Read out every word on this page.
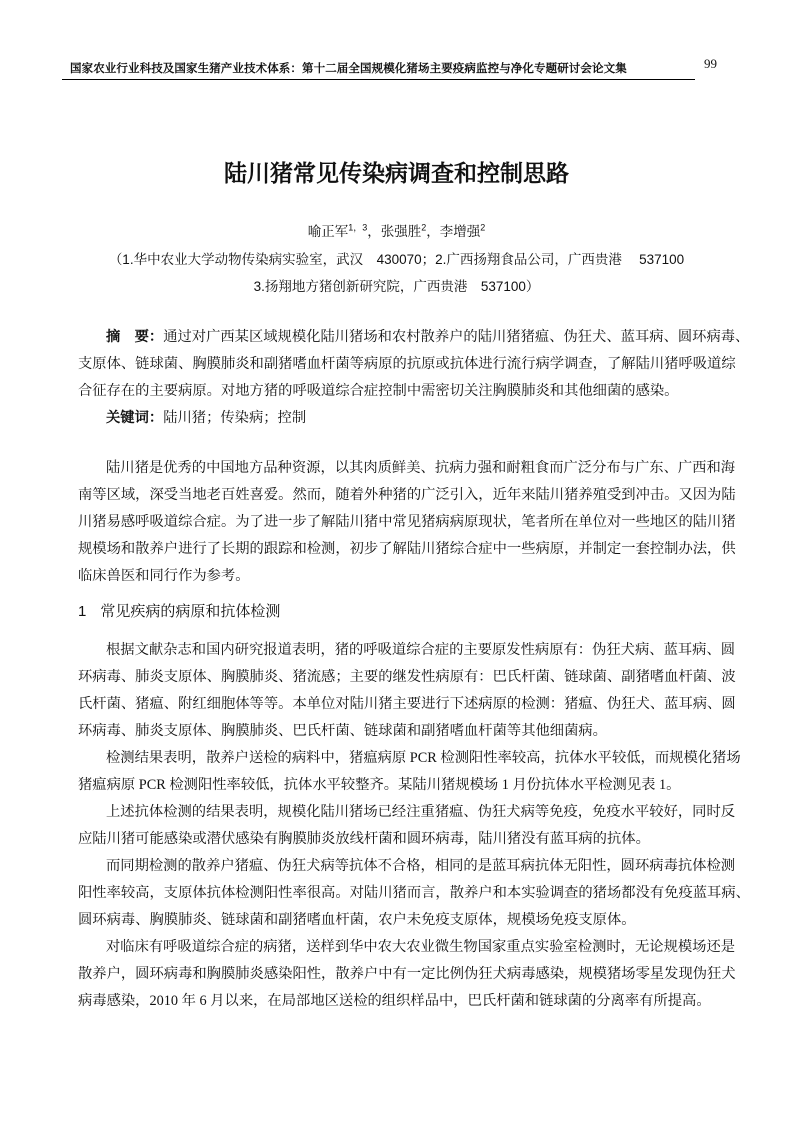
国家农业行业科技及国家生猪产业技术体系：第十二届全国规模化猪场主要疫病监控与净化专题研讨会论文集	99
陆川猪常见传染病调查和控制思路
喻正军$^{1,3}$，张强胜$^2$，李增强$^2$
（1.华中农业大学动物传染病实验室，武汉　430070；2.广西扬翔食品公司，广西贵港　 537100
3.扬翔地方猪创新研究院，广西贵港　537100）
摘　要：通过对广西某区域规模化陆川猪场和农村散养户的陆川猪猪瘟、伪狂犬、蓝耳病、圆环病毒、
支原体、链球菌、胸膜肺炎和副猪嗜血杆菌等病原的抗原或抗体进行流行病学调查，了解陆川猪呼吸道综
合征存在的主要病原。对地方猪的呼吸道综合症控制中需密切关注胸膜肺炎和其他细菌的感染。
关键词：陆川猪；传染病；控制
陆川猪是优秀的中国地方品种资源，以其肉质鲜美、抗病力强和耐粗食而广泛分布与广东、广西和海
南等区域，深受当地老百姓喜爱。然而，随着外种猪的广泛引入，近年来陆川猪养殖受到冲击。又因为陆
川猪易感呼吸道综合症。为了进一步了解陆川猪中常见猪病病原现状，笔者所在单位对一些地区的陆川猪
规模场和散养户进行了长期的跟踪和检测，初步了解陆川猪综合症中一些病原，并制定一套控制办法，供
临床兽医和同行作为参考。
1 常见疾病的病原和抗体检测
根据文献杂志和国内研究报道表明，猪的呼吸道综合症的主要原发性病原有：伪狂犬病、蓝耳病、圆
环病毒、肺炎支原体、胸膜肺炎、猪流感；主要的继发性病原有：巴氏杆菌、链球菌、副猪嗜血杆菌、波
氏杆菌、猪瘟、附红细胞体等等。本单位对陆川猪主要进行下述病原的检测：猪瘟、伪狂犬、蓝耳病、圆
环病毒、肺炎支原体、胸膜肺炎、巴氏杆菌、链球菌和副猪嗜血杆菌等其他细菌病。
检测结果表明，散养户送检的病料中，猪瘟病原 PCR 检测阳性率较高，抗体水平较低，而规模化猪场
猪瘟病原 PCR 检测阳性率较低，抗体水平较整齐。某陆川猪规模场 1 月份抗体水平检测见表 1。
上述抗体检测的结果表明，规模化陆川猪场已经注重猪瘟、伪狂犬病等免疫，免疫水平较好，同时反
应陆川猪可能感染或潜伏感染有胸膜肺炎放线杆菌和圆环病毒，陆川猪没有蓝耳病的抗体。
而同期检测的散养户猪瘟、伪狂犬病等抗体不合格，相同的是蓝耳病抗体无阳性，圆环病毒抗体检测
阳性率较高，支原体抗体检测阳性率很高。对陆川猪而言，散养户和本实验调查的猪场都没有免疫蓝耳病、
圆环病毒、胸膜肺炎、链球菌和副猪嗜血杆菌，农户未免疫支原体，规模场免疫支原体。
对临床有呼吸道综合症的病猪，送样到华中农大农业微生物国家重点实验室检测时，无论规模场还是
散养户，圆环病毒和胸膜肺炎感染阳性，散养户中有一定比例伪狂犬病毒感染，规模猪场零星发现伪狂犬
病毒感染，2010 年 6 月以来，在局部地区送检的组织样品中，巴氏杆菌和链球菌的分离率有所提高。
